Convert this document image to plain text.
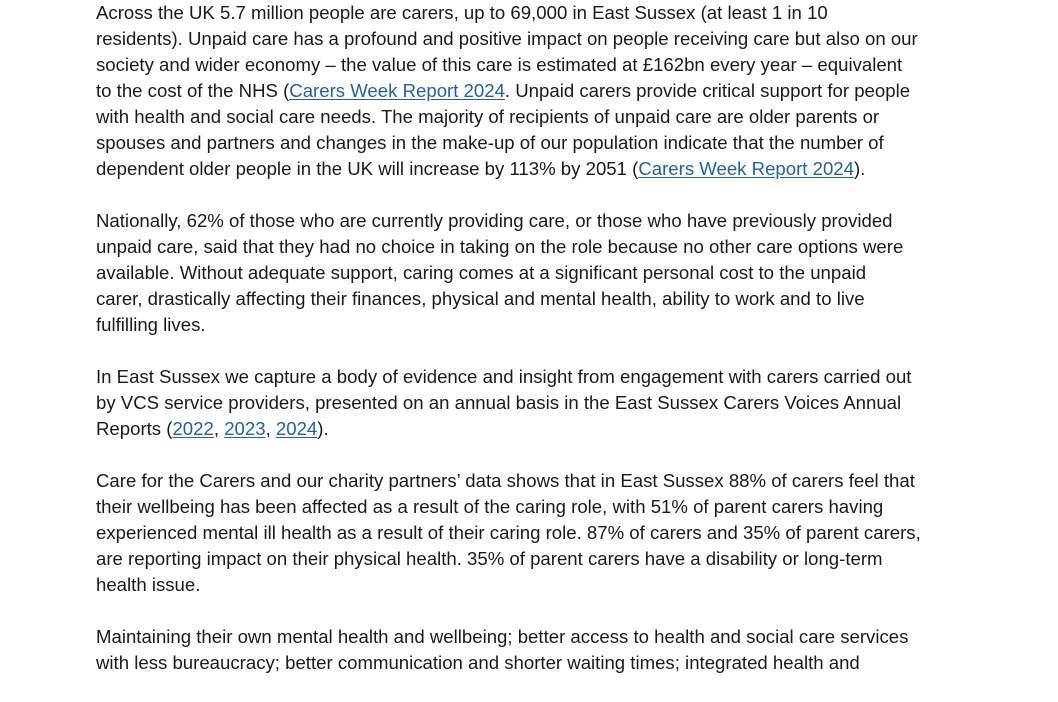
Across the UK 5.7 million people are carers, up to 69,000 in East Sussex (at least 1 in 10
residents). Unpaid care has a profound and positive impact on people receiving care but also on our
society and wider economy – the value of this care is estimated at £162bn every year – equivalent
to the cost of the NHS (Carers Week Report 2024. Unpaid carers provide critical support for people
with health and social care needs. The majority of recipients of unpaid care are older parents or
spouses and partners and changes in the make-up of our population indicate that the number of
dependent older people in the UK will increase by 113% by 2051 (Carers Week Report 2024).
Nationally, 62% of those who are currently providing care, or those who have previously provided
unpaid care, said that they had no choice in taking on the role because no other care options were
available. Without adequate support, caring comes at a significant personal cost to the unpaid
carer, drastically affecting their finances, physical and mental health, ability to work and to live
fulfilling lives.
In East Sussex we capture a body of evidence and insight from engagement with carers carried out
by VCS service providers, presented on an annual basis in the East Sussex Carers Voices Annual
Reports (2022, 2023, 2024).
Care for the Carers and our charity partners’ data shows that in East Sussex 88% of carers feel that
their wellbeing has been affected as a result of the caring role, with 51% of parent carers having
experienced mental ill health as a result of their caring role. 87% of carers and 35% of parent carers,
are reporting impact on their physical health. 35% of parent carers have a disability or long-term
health issue.
Maintaining their own mental health and wellbeing; better access to health and social care services
with less bureaucracy; better communication and shorter waiting times; integrated health and
